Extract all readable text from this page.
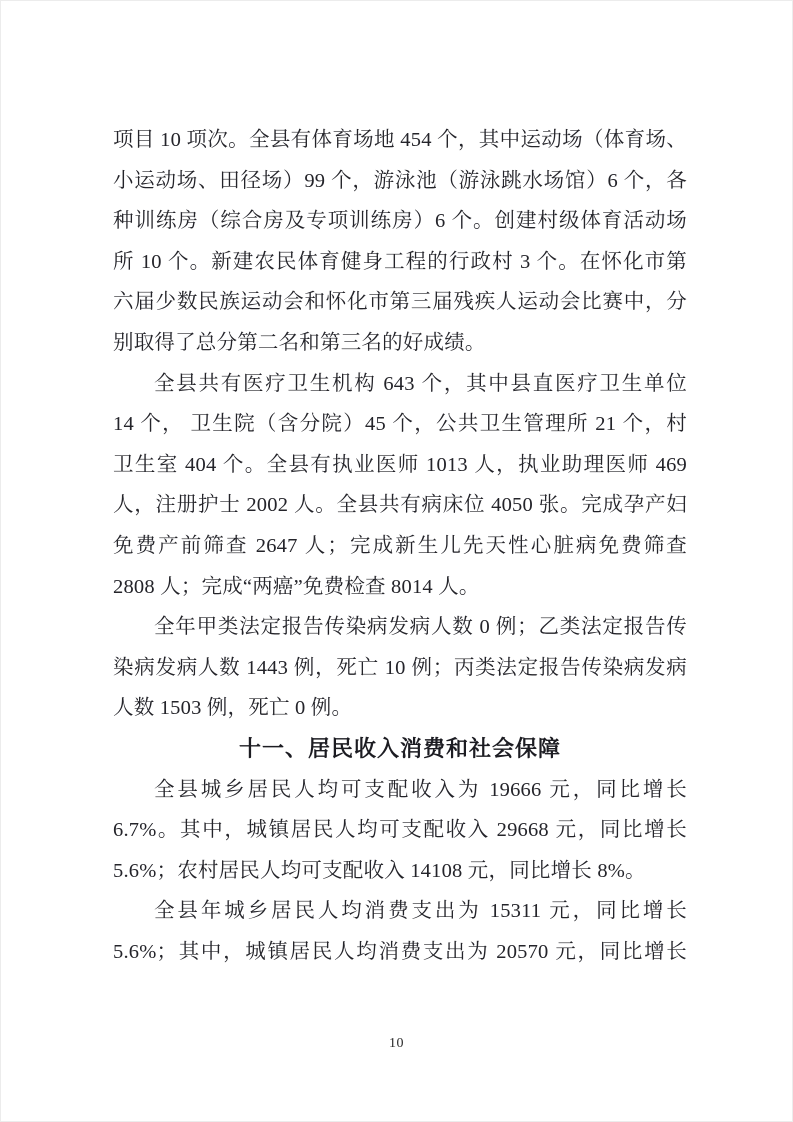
项目 10 项次。全县有体育场地 454 个，其中运动场（体育场、
小运动场、田径场）99 个，游泳池（游泳跳水场馆）6 个，各
种训练房（综合房及专项训练房）6 个。创建村级体育活动场
所 10 个。新建农民体育健身工程的行政村 3 个。在怀化市第
六届少数民族运动会和怀化市第三届残疾人运动会比赛中，分
别取得了总分第二名和第三名的好成绩。
全县共有医疗卫生机构 643 个，其中县直医疗卫生单位
14 个， 卫生院（含分院）45 个，公共卫生管理所 21 个，村
卫生室 404 个。全县有执业医师 1013 人，执业助理医师 469
人，注册护士 2002 人。全县共有病床位 4050 张。完成孕产妇
免费产前筛查 2647 人；完成新生儿先天性心脏病免费筛查
2808 人；完成“两癌”免费检查 8014 人。
全年甲类法定报告传染病发病人数 0 例；乙类法定报告传
染病发病人数 1443 例，死亡 10 例；丙类法定报告传染病发病
人数 1503 例，死亡 0 例。
十一、居民收入消费和社会保障
全县城乡居民人均可支配收入为 19666 元，同比增长
6.7%。其中，城镇居民人均可支配收入 29668 元，同比增长
5.6%；农村居民人均可支配收入 14108 元，同比增长 8%。
全县年城乡居民人均消费支出为 15311 元，同比增长
5.6%；其中，城镇居民人均消费支出为 20570 元，同比增长
10
